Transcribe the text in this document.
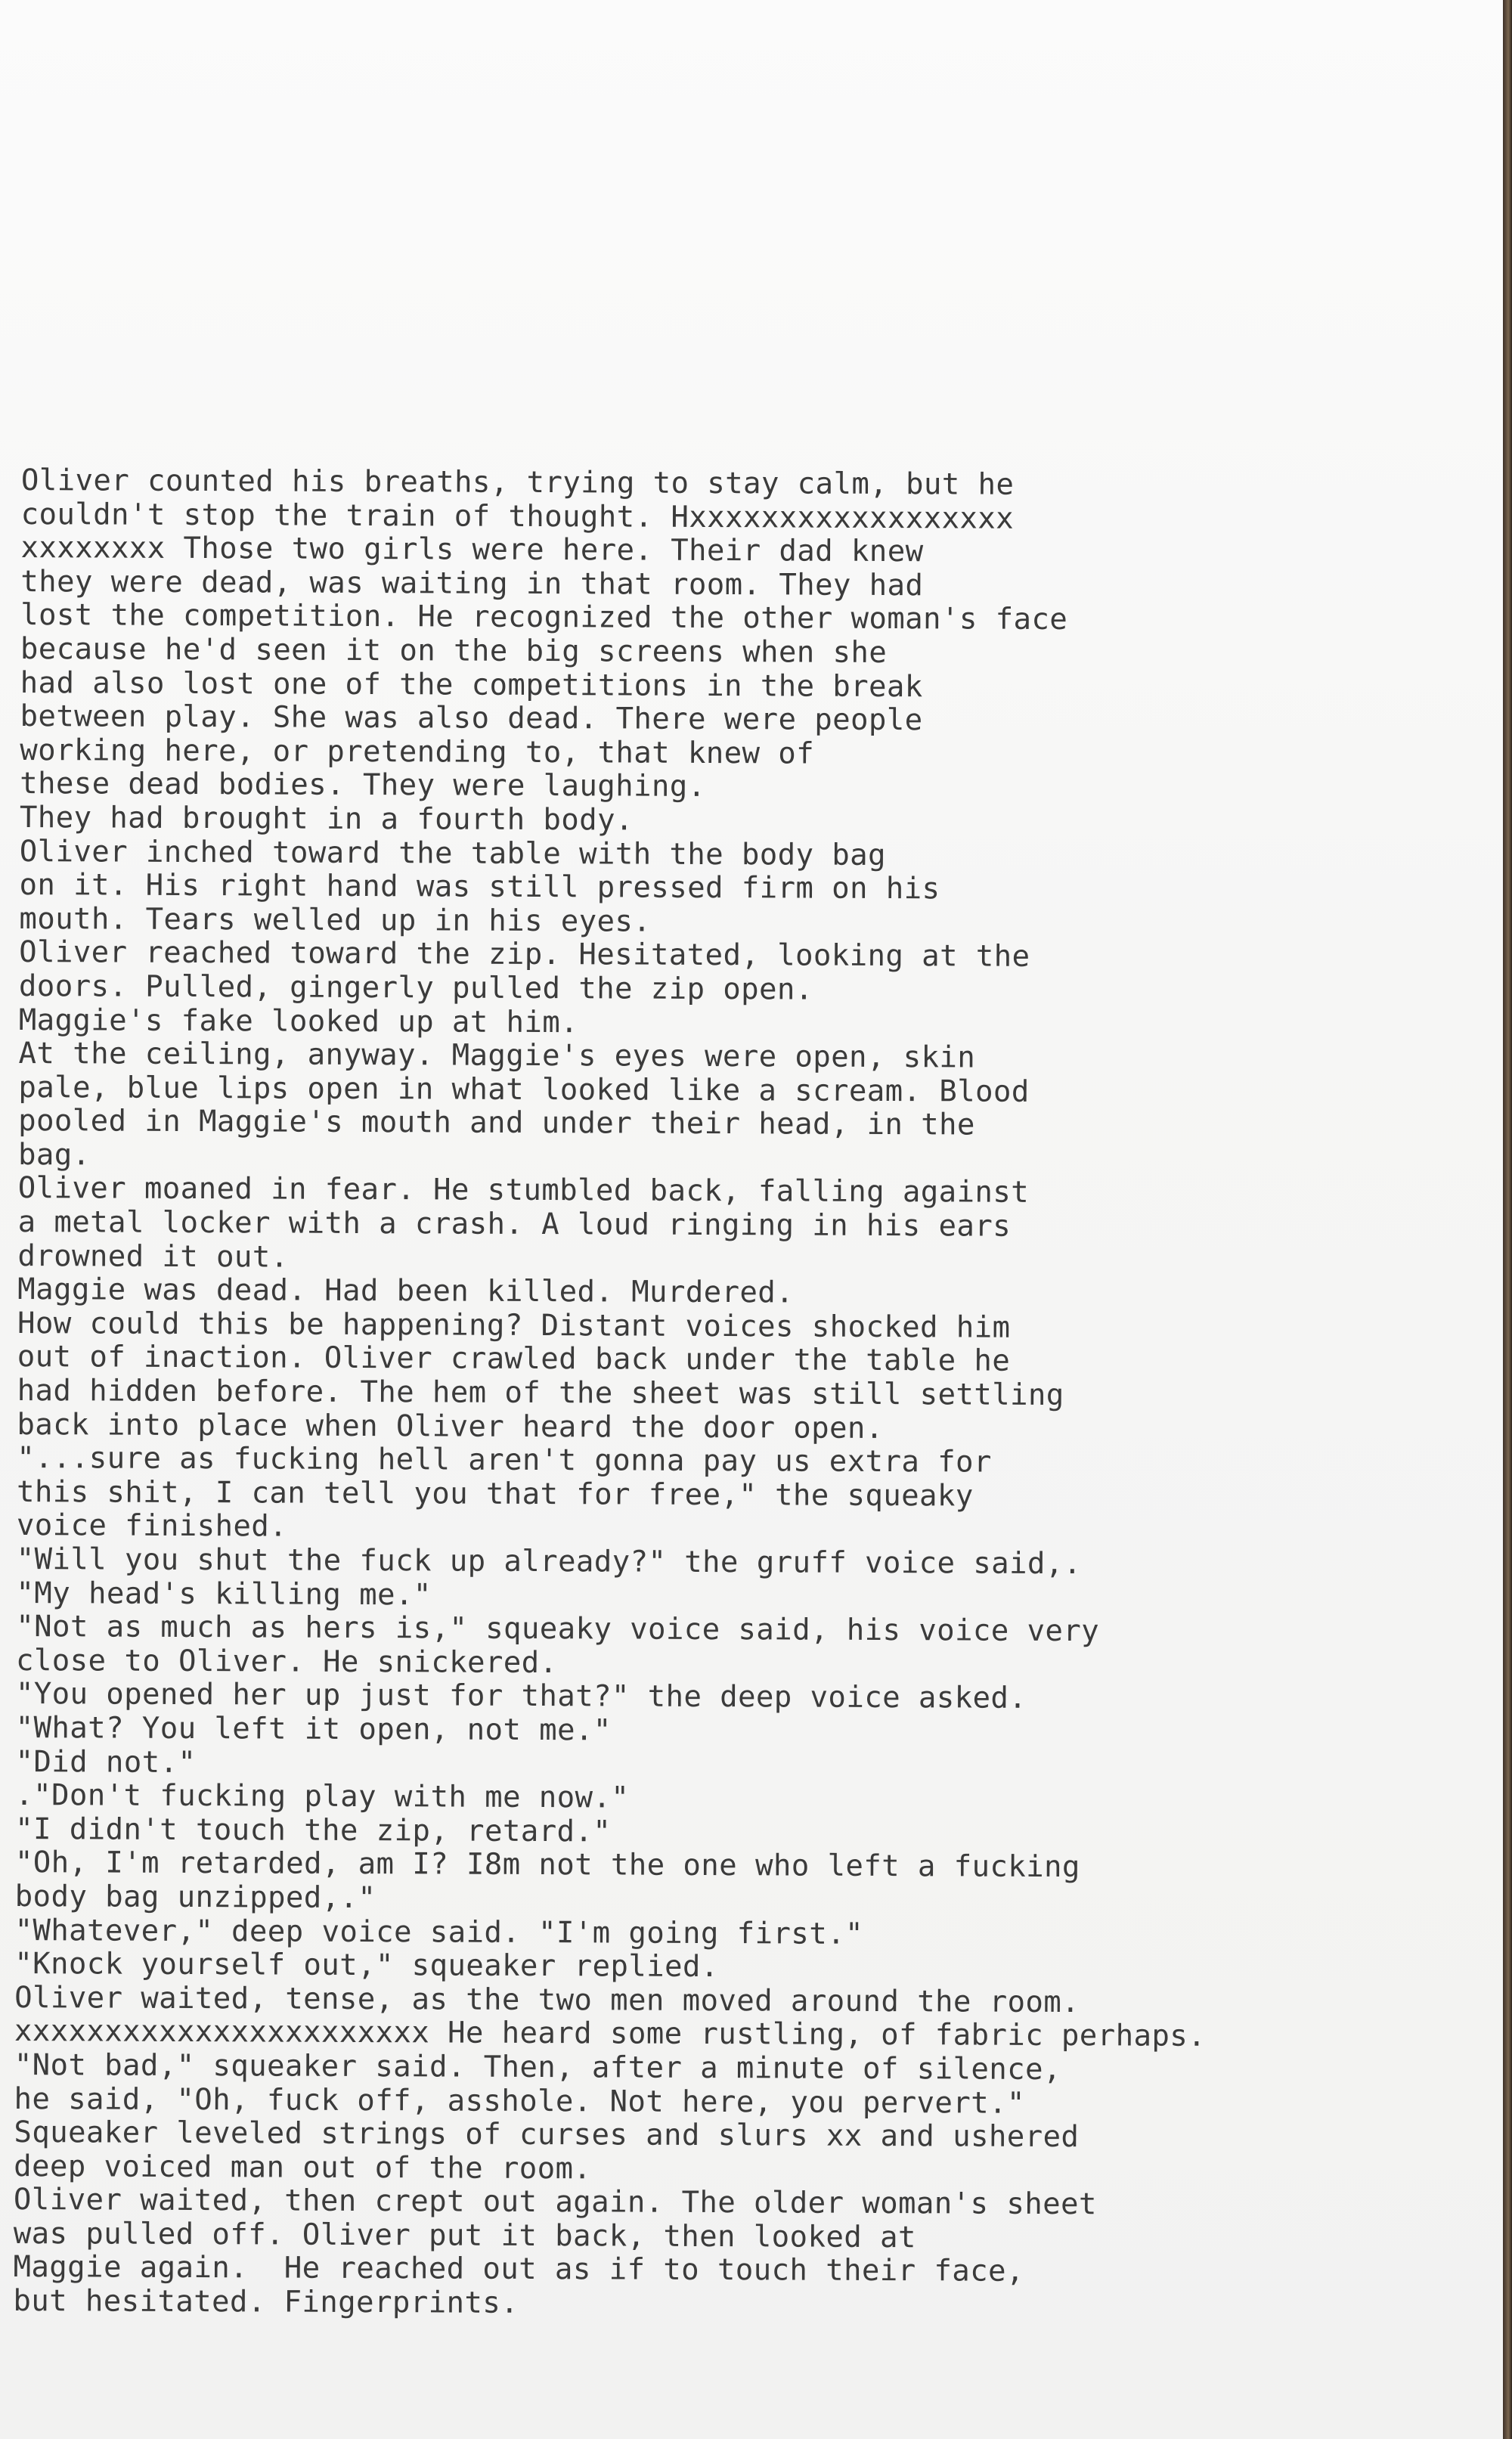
Oliver counted his breaths, trying to stay calm, but he
couldn't stop the train of thought. Hxxxxxxxxxxxxxxxxxx
xxxxxxxx Those two girls were here. Their dad knew
they were dead, was waiting in that room. They had
lost the competition. He recognized the other woman's face
because he'd seen it on the big screens when she
had also lost one of the competitions in the break
between play. She was also dead. There were people
working here, or pretending to, that knew of
these dead bodies. They were laughing.
They had brought in a fourth body.
Oliver inched toward the table with the body bag
on it. His right hand was still pressed firm on his
mouth. Tears welled up in his eyes.
Oliver reached toward the zip. Hesitated, looking at the
doors. Pulled, gingerly pulled the zip open.
Maggie's fake looked up at him.
At the ceiling, anyway. Maggie's eyes were open, skin
pale, blue lips open in what looked like a scream. Blood
pooled in Maggie's mouth and under their head, in the
bag.
Oliver moaned in fear. He stumbled back, falling against
a metal locker with a crash. A loud ringing in his ears
drowned it out.
Maggie was dead. Had been killed. Murdered.
How could this be happening? Distant voices shocked him
out of inaction. Oliver crawled back under the table he
had hidden before. The hem of the sheet was still settling
back into place when Oliver heard the door open.
"...sure as fucking hell aren't gonna pay us extra for
this shit, I can tell you that for free," the squeaky
voice finished.
"Will you shut the fuck up already?" the gruff voice said,.
"My head's killing me."
"Not as much as hers is," squeaky voice said, his voice very
close to Oliver. He snickered.
"You opened her up just for that?" the deep voice asked.
"What? You left it open, not me."
"Did not."
."Don't fucking play with me now."
"I didn't touch the zip, retard."
"Oh, I'm retarded, am I? I8m not the one who left a fucking
body bag unzipped,."
"Whatever," deep voice said. "I'm going first."
"Knock yourself out," squeaker replied.
Oliver waited, tense, as the two men moved around the room.
xxxxxxxxxxxxxxxxxxxxxxx He heard some rustling, of fabric perhaps.
"Not bad," squeaker said. Then, after a minute of silence,
he said, "Oh, fuck off, asshole. Not here, you pervert."
Squeaker leveled strings of curses and slurs xx and ushered
deep voiced man out of the room.
Oliver waited, then crept out again. The older woman's sheet
was pulled off. Oliver put it back, then looked at
Maggie again.  He reached out as if to touch their face,
but hesitated. Fingerprints.
